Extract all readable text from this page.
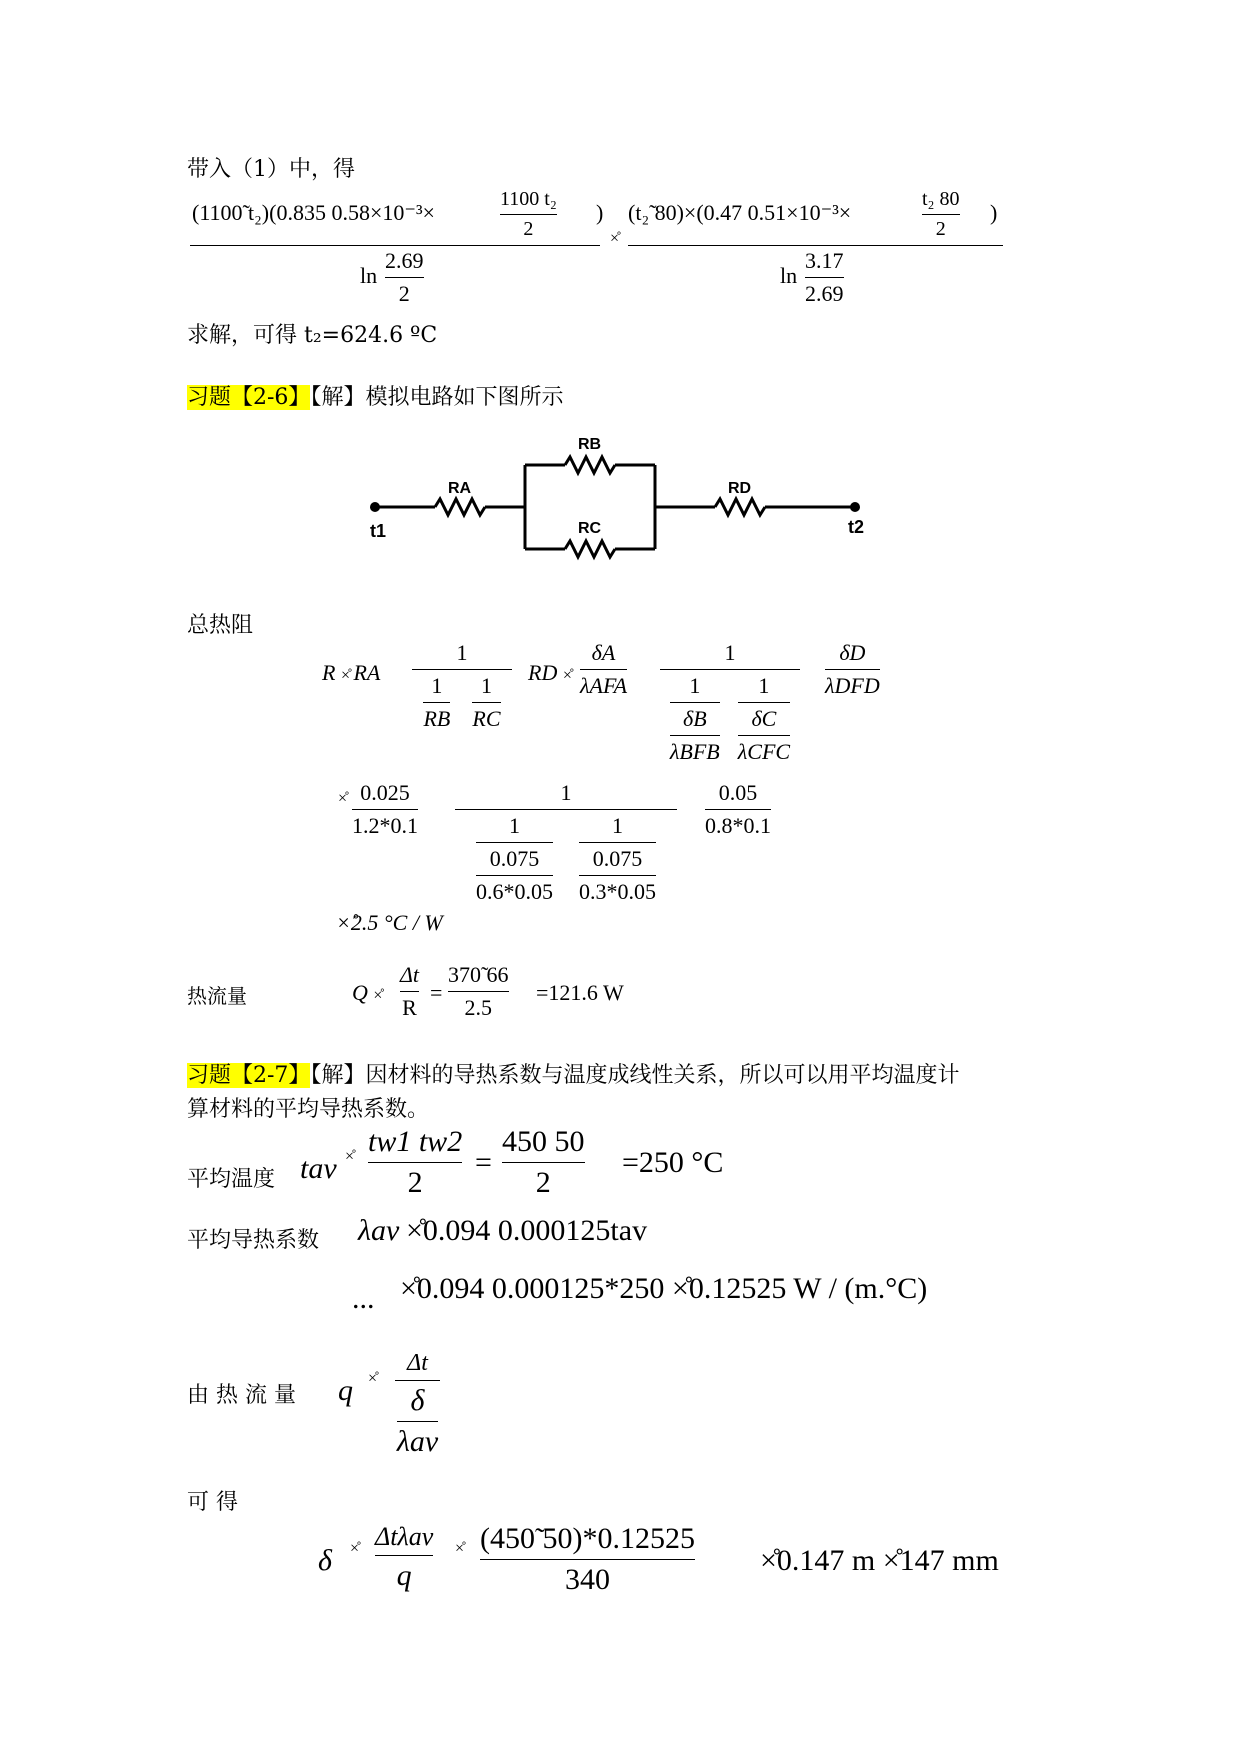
带入（1）中，得
(1100̃ t₂)(0.835 0.58×10⁻³×
1100 t₂
2
)
ln
2.69
2
×̊
(t₂̃ 80)×(0.47 0.51×10⁻³×
t₂ 80
2
)
ln
3.17
2.69
求解，可得 t₂=624.6 ºC
习题【2-6】【解】模拟电路如下图所示
RA
RB
RC
RD
t1	t2
总热阻
R ×̊ RA
1
$\frac{1}{RB} \frac{1}{RC}$
RD ×̊
δA
λAFA
1
$\frac{1}{\frac{\delta B}{\text{λBFB}}} \frac{1}{\frac{\delta C}{\text{λCFC}}}$
δD
λDFD
×̊ 0.025
1.2*0.1
1
$\frac{1}{\frac{0.075}{0.6*0.05}} \frac{1}{\frac{0.075}{0.3*0.05}}$
0.05
0.8*0.1
×̊2.5 °C / W
热流量	Q ×̊
Δt
R
=
370̃ 66
2.5
=121.6 W
习题【2-7】【解】因材料的导热系数与温度成线性关系，所以可以用平均温度计
算材料的平均导热系数。
平均温度 tav ×̊ tw1 tw2
2
=
450 50
2
=250 °C
平均导热系数 λav ×̊0.094 0.000125tav
... ×̊0.094 0.000125*250 ×̊0.12525 W / (m.°C)
由 热 流 量 q ×̊
Δt
$\frac{\delta}{\text{λav}}$
可 得
δ ×̊ Δtλav
q
×̊ (450̃ 50)*0.12525
340
×̊0.147 m ×̊147 mm
